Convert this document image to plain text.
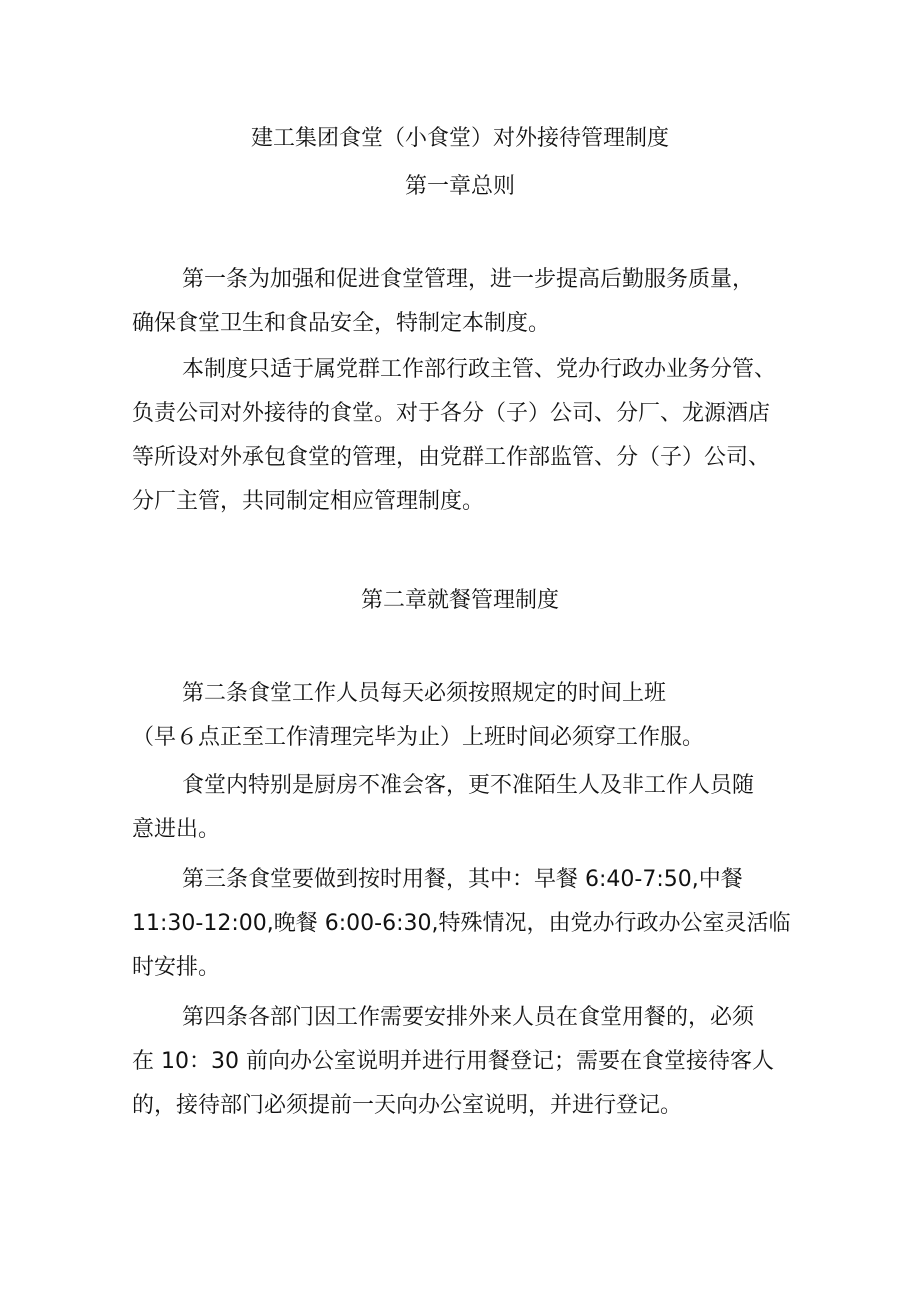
建工集团食堂（小食堂）对外接待管理制度
第一章总则
第一条为加强和促进食堂管理，进一步提高后勤服务质量，
确保食堂卫生和食品安全，特制定本制度。
本制度只适于属党群工作部行政主管、党办行政办业务分管、
负责公司对外接待的食堂。对于各分（子）公司、分厂、龙源酒店
等所设对外承包食堂的管理，由党群工作部监管、分（子）公司、
分厂主管，共同制定相应管理制度。
第二章就餐管理制度
第二条食堂工作人员每天必须按照规定的时间上班
（早６点正至工作清理完毕为止）上班时间必须穿工作服。
食堂内特别是厨房不准会客，更不准陌生人及非工作人员随
意进出。
第三条食堂要做到按时用餐，其中：早餐 6:40-7:50,中餐
11:30-12:00,晚餐 6:00-6:30,特殊情况，由党办行政办公室灵活临
时安排。
第四条各部门因工作需要安排外来人员在食堂用餐的，必须
在 10：30 前向办公室说明并进行用餐登记；需要在食堂接待客人
的，接待部门必须提前一天向办公室说明，并进行登记。
